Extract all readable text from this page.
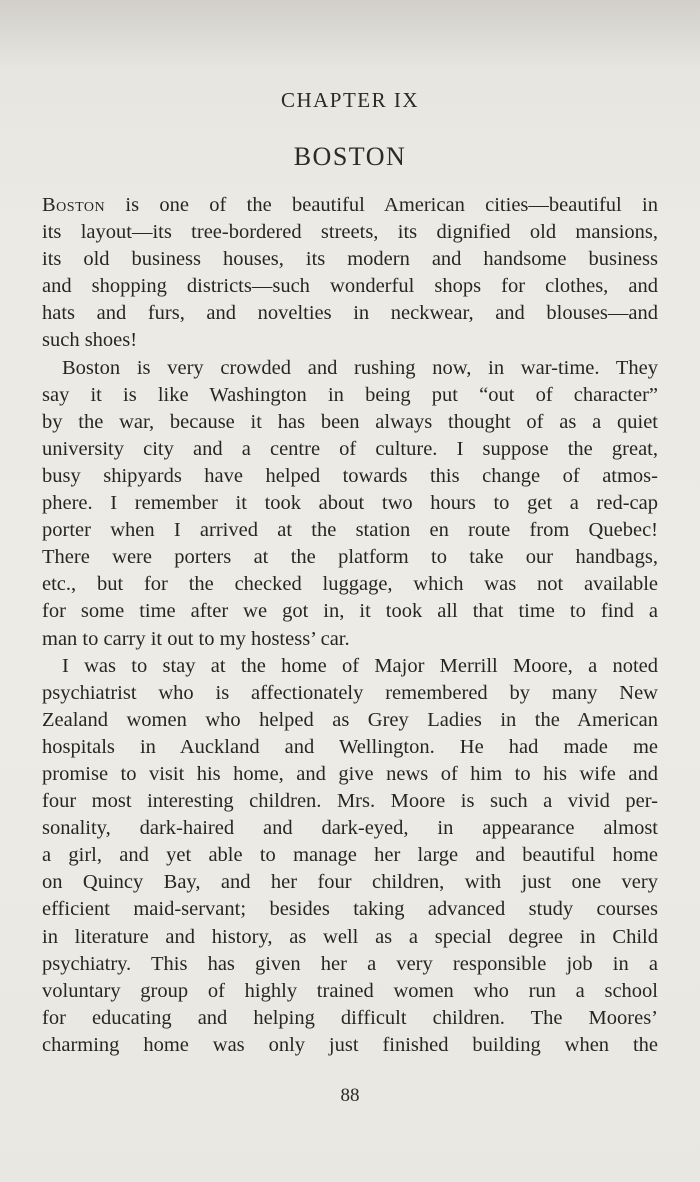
CHAPTER IX
BOSTON
Boston is one of the beautiful American cities—beautiful in
its layout—its tree-bordered streets, its dignified old mansions,
its old business houses, its modern and handsome business
and shopping districts—such wonderful shops for clothes, and
hats and furs, and novelties in neckwear, and blouses—and
such shoes!
Boston is very crowded and rushing now, in war-time. They
say it is like Washington in being put “out of character”
by the war, because it has been always thought of as a quiet
university city and a centre of culture. I suppose the great,
busy shipyards have helped towards this change of atmos-
phere. I remember it took about two hours to get a red-cap
porter when I arrived at the station en route from Quebec!
There were porters at the platform to take our handbags,
etc., but for the checked luggage, which was not available
for some time after we got in, it took all that time to find a
man to carry it out to my hostess’ car.
I was to stay at the home of Major Merrill Moore, a noted
psychiatrist who is affectionately remembered by many New
Zealand women who helped as Grey Ladies in the American
hospitals in Auckland and Wellington. He had made me
promise to visit his home, and give news of him to his wife and
four most interesting children. Mrs. Moore is such a vivid per-
sonality, dark-haired and dark-eyed, in appearance almost
a girl, and yet able to manage her large and beautiful home
on Quincy Bay, and her four children, with just one very
efficient maid-servant; besides taking advanced study courses
in literature and history, as well as a special degree in Child
psychiatry. This has given her a very responsible job in a
voluntary group of highly trained women who run a school
for educating and helping difficult children. The Moores’
charming home was only just finished building when the
88
